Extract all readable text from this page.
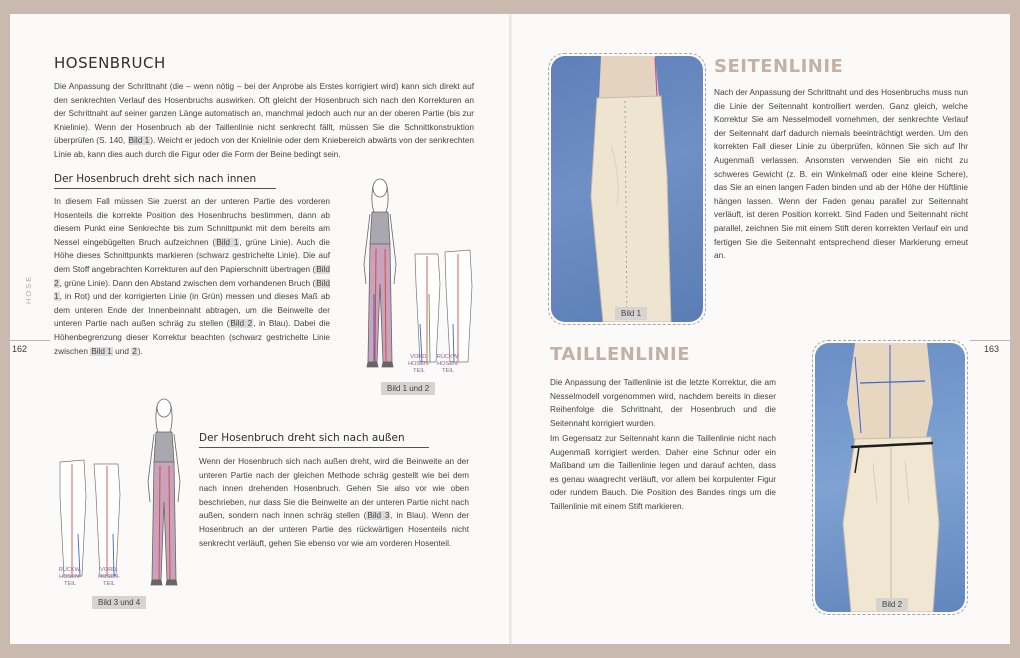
HOSENBRUCH
Die Anpassung der Schrittnaht (die – wenn nötig – bei der Anprobe als Erstes korrigiert wird) kann sich direkt auf den senkrechten Verlauf des Hosenbruchs auswirken. Oft gleicht der Hosenbruch sich nach den Korrekturen an der Schrittnaht auf seiner ganzen Länge automatisch an, manchmal jedoch auch nur an der oberen Partie (bis zur Knielinie). Wenn der Hosenbruch ab der Taillenlinie nicht senkrecht fällt, müssen Sie die Schnittkonstruktion überprüfen (S. 140, Bild 1). Weicht er jedoch von der Knielinie oder dem Kniebereich abwärts von der senkrechten Linie ab, kann dies auch durch die Figur oder die Form der Beine bedingt sein.
Der Hosenbruch dreht sich nach innen
In diesem Fall müssen Sie zuerst an der unteren Partie des vorderen Hosenteils die korrekte Position des Hosenbruchs bestimmen, dann ab diesem Punkt eine Senkrechte bis zum Schnittpunkt mit dem bereits am Nessel eingebügelten Bruch aufzeichnen (Bild 1, grüne Linie). Auch die Höhe dieses Schnittpunkts markieren (schwarz gestrichelte Linie). Die auf dem Stoff angebrachten Korrekturen auf den Papierschnitt übertragen (Bild 2, grüne Linie). Dann den Abstand zwischen dem vorhandenen Bruch (Bild 1, in Rot) und der korrigierten Linie (in Grün) messen und dieses Maß ab dem unteren Ende der Innenbeinnaht abtragen, um die Beinweite der unteren Partie nach außen schräg zu stellen (Bild 2, in Blau). Dabei die Höhenbegrenzung dieser Korrektur beachten (schwarz gestrichelte Linie zwischen Bild 1 und 2).
VORD. HOSEN- TEIL
RÜCKW. HOSEN- TEIL
Bild 1 und 2
RÜCKW. HOSEN- TEIL
VORD. HOSEN- TEIL
Bild 3 und 4
Der Hosenbruch dreht sich nach außen
Wenn der Hosenbruch sich nach außen dreht, wird die Beinweite an der unteren Partie nach der gleichen Methode schräg gestellt wie bei dem nach innen drehenden Hosenbruch. Gehen Sie also vor wie oben beschrieben, nur dass Sie die Beinweite an der unteren Partie nicht nach außen, sondern nach innen schräg stellen (Bild 3, in Blau). Wenn der Hosenbruch an der unteren Partie des rückwärtigen Hosenteils nicht senkrecht verläuft, gehen Sie ebenso vor wie am vorderen Hosenteil.
HOSE
162
Bild 1
SEITENLINIE
Nach der Anpassung der Schrittnaht und des Hosenbruchs muss nun die Linie der Seitennaht kontrolliert werden. Ganz gleich, welche Korrektur Sie am Nesselmodell vornehmen, der senkrechte Verlauf der Seitennaht darf dadurch niemals beeinträchtigt werden. Um den korrekten Fall dieser Linie zu überprüfen, können Sie sich auf Ihr Augenmaß verlassen. Ansonsten verwenden Sie ein nicht zu schweres Gewicht (z. B. ein Winkelmaß oder eine kleine Schere), das Sie an einen langen Faden binden und ab der Höhe der Hüftlinie hängen lassen. Wenn der Faden genau parallel zur Seitennaht verläuft, ist deren Position korrekt. Sind Faden und Seitennaht nicht parallel, zeichnen Sie mit einem Stift deren korrekten Verlauf ein und fertigen Sie die Seitennaht entsprechend dieser Markierung erneut an.
TAILLENLINIE
Die Anpassung der Taillenlinie ist die letzte Korrektur, die am Nesselmodell vorgenommen wird, nachdem bereits in dieser Reihenfolge die Schrittnaht, der Hosenbruch und die Seitennaht korrigiert wurden.
Im Gegensatz zur Seitennaht kann die Taillenlinie nicht nach Augenmaß korrigiert werden. Daher eine Schnur oder ein Maßband um die Taillenlinie legen und darauf achten, dass es genau waagrecht verläuft, vor allem bei korpulenter Figur oder rundem Bauch. Die Position des Bandes rings um die Taillenlinie mit einem Stift markieren.
Bild 2
163
